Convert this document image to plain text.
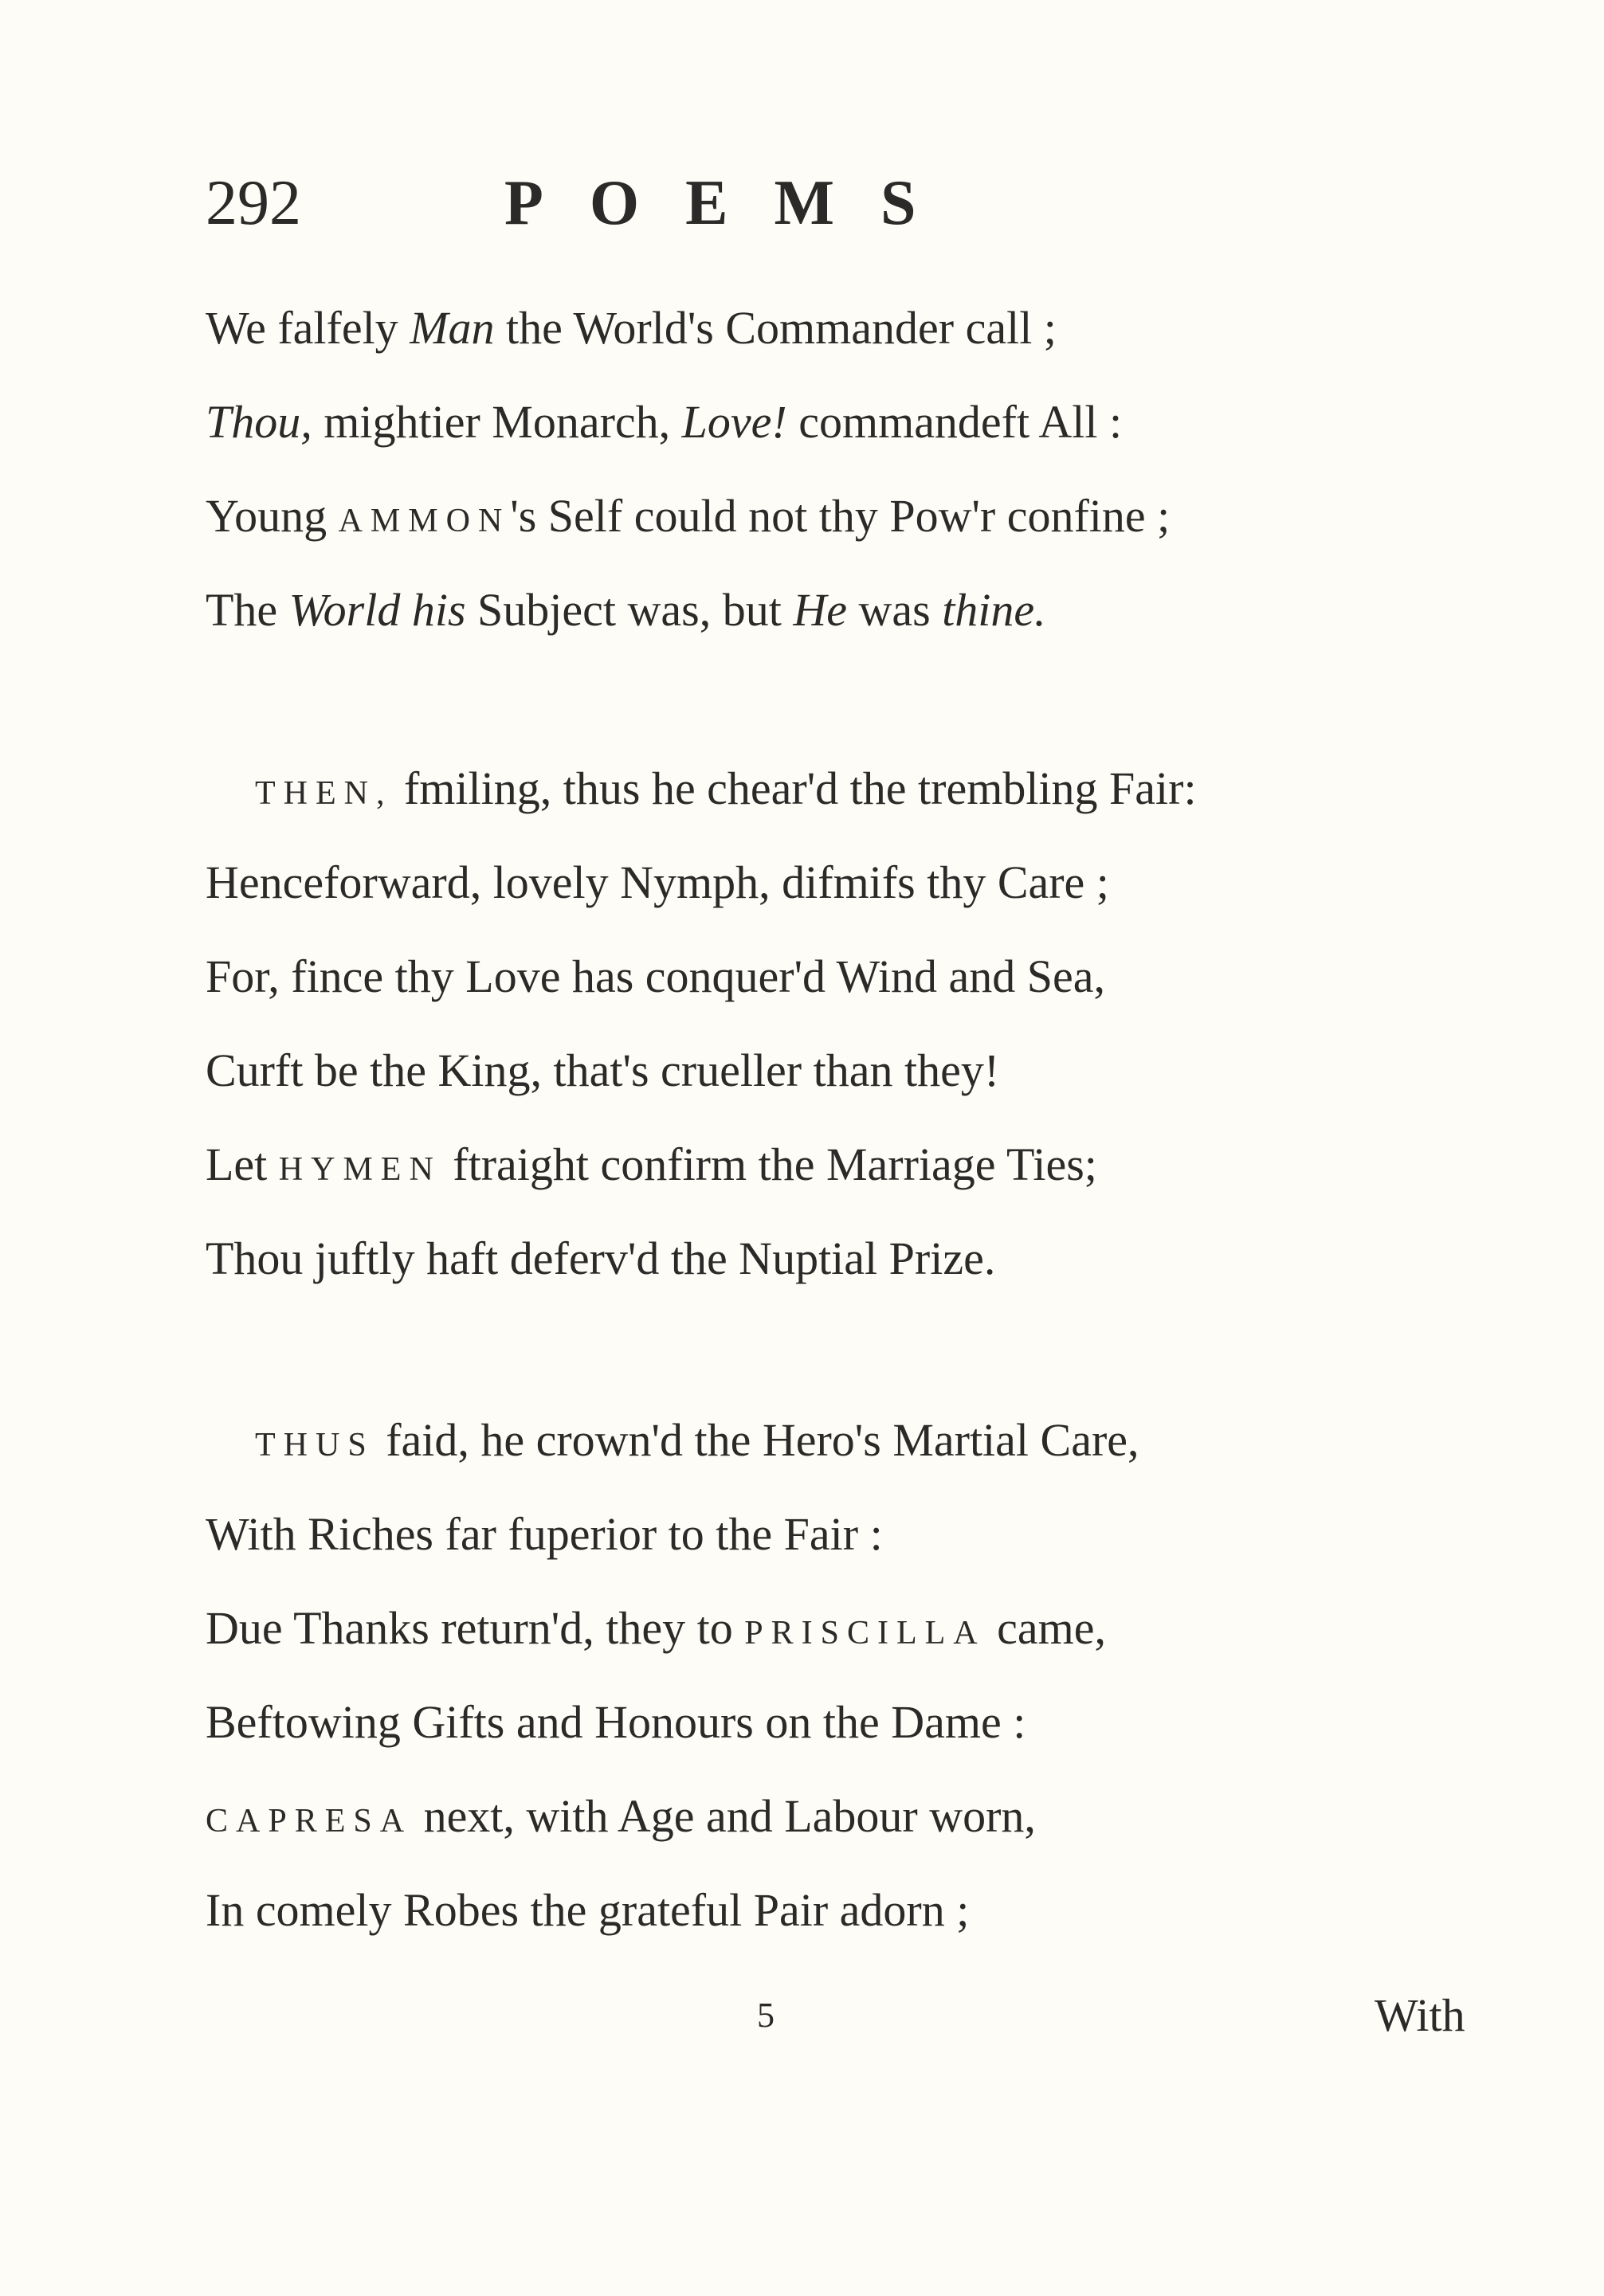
292	POEMS
We falfely Man the World's Commander call ;
Thou, mightier Monarch, Love! commandeft All :
Young AMMON's Self could not thy Pow'r confine ;
The World his Subject was, but He was thine.
THEN, fmiling, thus he chear'd the trembling Fair:
Henceforward, lovely Nymph, difmifs thy Care ;
For, fince thy Love has conquer'd Wind and Sea,
Curft be the King, that's crueller than they!
Let HYMEN ftraight confirm the Marriage Ties;
Thou juftly haft deferv'd the Nuptial Prize.
THUS faid, he crown'd the Hero's Martial Care,
With Riches far fuperior to the Fair :
Due Thanks return'd, they to PRISCILLA came,
Beftowing Gifts and Honours on the Dame :
CAPRESA next, with Age and Labour worn,
In comely Robes the grateful Pair adorn ;
5	With
